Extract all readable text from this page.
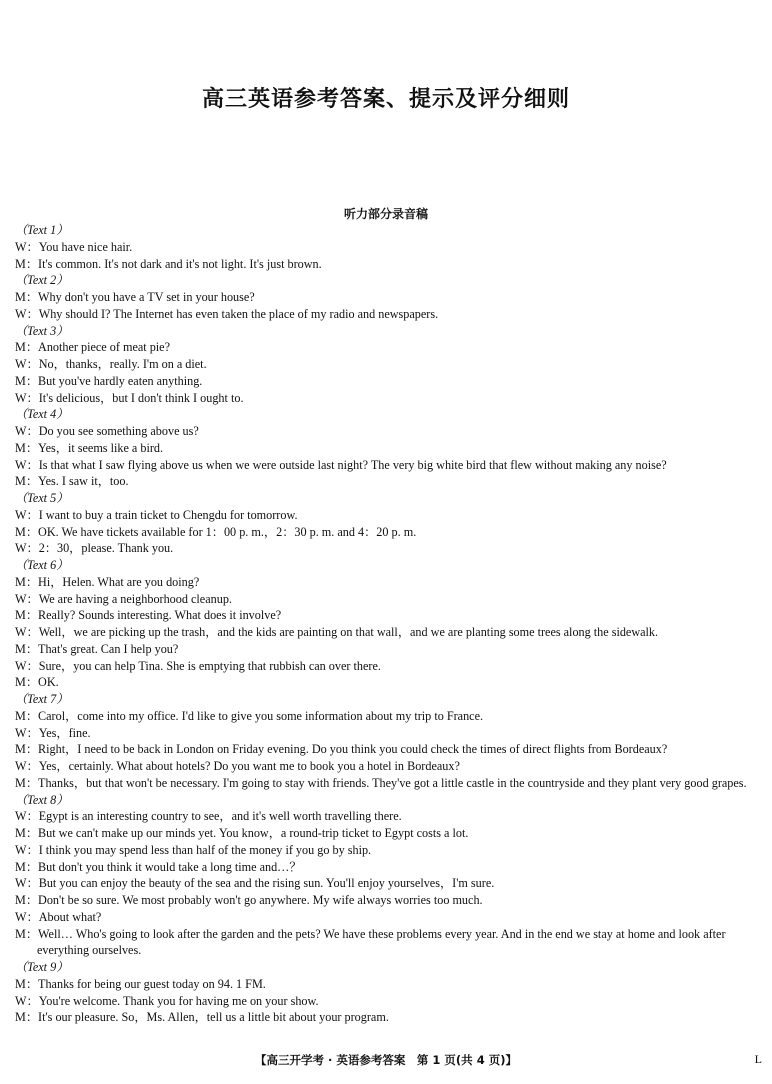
高三英语参考答案、提示及评分细则
听力部分录音稿
（Text 1）
W：You have nice hair.
M：It's common. It's not dark and it's not light. It's just brown.
（Text 2）
M：Why don't you have a TV set in your house?
W：Why should I? The Internet has even taken the place of my radio and newspapers.
（Text 3）
M：Another piece of meat pie?
W：No，thanks，really. I'm on a diet.
M：But you've hardly eaten anything.
W：It's delicious，but I don't think I ought to.
（Text 4）
W：Do you see something above us?
M：Yes，it seems like a bird.
W：Is that what I saw flying above us when we were outside last night? The very big white bird that flew without making any noise?
M：Yes. I saw it，too.
（Text 5）
W：I want to buy a train ticket to Chengdu for tomorrow.
M：OK. We have tickets available for 1：00 p. m.，2：30 p. m. and 4：20 p. m.
W：2：30，please. Thank you.
（Text 6）
M：Hi，Helen. What are you doing?
W：We are having a neighborhood cleanup.
M：Really? Sounds interesting. What does it involve?
W：Well，we are picking up the trash，and the kids are painting on that wall，and we are planting some trees along the sidewalk.
M：That's great. Can I help you?
W：Sure，you can help Tina. She is emptying that rubbish can over there.
M：OK.
（Text 7）
M：Carol，come into my office. I'd like to give you some information about my trip to France.
W：Yes，fine.
M：Right，I need to be back in London on Friday evening. Do you think you could check the times of direct flights from Bordeaux?
W：Yes，certainly. What about hotels? Do you want me to book you a hotel in Bordeaux?
M：Thanks，but that won't be necessary. I'm going to stay with friends. They've got a little castle in the countryside and they plant very good grapes.
（Text 8）
W：Egypt is an interesting country to see，and it's well worth travelling there.
M：But we can't make up our minds yet. You know，a round-trip ticket to Egypt costs a lot.
W：I think you may spend less than half of the money if you go by ship.
M：But don't you think it would take a long time and…？
W：But you can enjoy the beauty of the sea and the rising sun. You'll enjoy yourselves，I'm sure.
M：Don't be so sure. We most probably won't go anywhere. My wife always worries too much.
W：About what?
M：Well… Who's going to look after the garden and the pets? We have these problems every year. And in the end we stay at home and look after everything ourselves.
（Text 9）
M：Thanks for being our guest today on 94. 1 FM.
W：You're welcome. Thank you for having me on your show.
M：It's our pleasure. So，Ms. Allen，tell us a little bit about your program.
【高三开学考 · 英语参考答案　第 1 页(共 4 页)】	L
